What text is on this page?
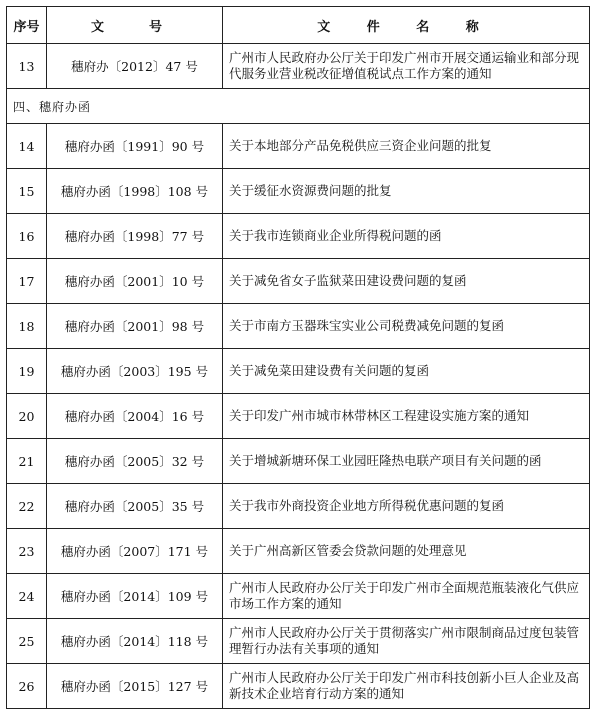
序号	文　号	文 件 名 称
13	穗府办〔2012〕47 号	广州市人民政府办公厅关于印发广州市开展交通运输业和部分现代服务业营业税改征增值税试点工作方案的通知
四、穗府办函		
14	穗府办函〔1991〕90 号	关于本地部分产品免税供应三资企业问题的批复
15	穗府办函〔1998〕108 号	关于缓征水资源费问题的批复
16	穗府办函〔1998〕77 号	关于我市连锁商业企业所得税问题的函
17	穗府办函〔2001〕10 号	关于减免省女子监狱菜田建设费问题的复函
18	穗府办函〔2001〕98 号	关于市南方玉器珠宝实业公司税费减免问题的复函
19	穗府办函〔2003〕195 号	关于减免菜田建设费有关问题的复函
20	穗府办函〔2004〕16 号	关于印发广州市城市林带林区工程建设实施方案的通知
21	穗府办函〔2005〕32 号	关于增城新塘环保工业园旺隆热电联产项目有关问题的函
22	穗府办函〔2005〕35 号	关于我市外商投资企业地方所得税优惠问题的复函
23	穗府办函〔2007〕171 号	关于广州高新区管委会贷款问题的处理意见
24	穗府办函〔2014〕109 号	广州市人民政府办公厅关于印发广州市全面规范瓶装液化气供应市场工作方案的通知
25	穗府办函〔2014〕118 号	广州市人民政府办公厅关于贯彻落实广州市限制商品过度包装管理暂行办法有关事项的通知
26	穗府办函〔2015〕127 号	广州市人民政府办公厅关于印发广州市科技创新小巨人企业及高新技术企业培育行动方案的通知
